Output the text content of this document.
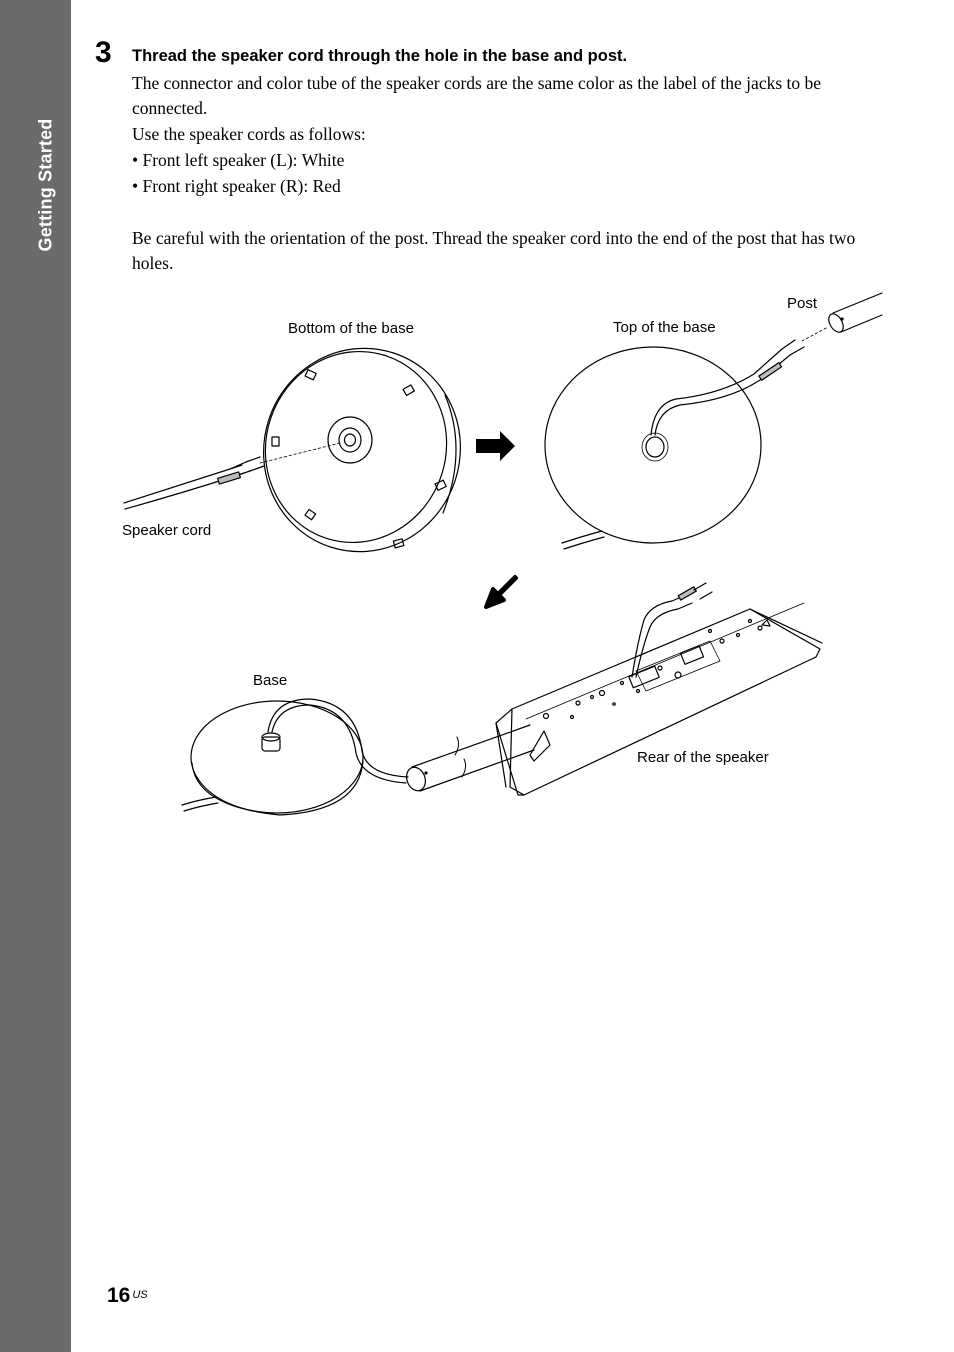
Getting Started
3 Thread the speaker cord through the hole in the base and post.
The connector and color tube of the speaker cords are the same color as the label of the jacks to be connected.
Use the speaker cords as follows:
• Front left speaker (L): White
• Front right speaker (R): Red
Be careful with the orientation of the post. Thread the speaker cord into the end of the post that has two holes.
Bottom of the base	Top of the base
Post
Speaker cord
Base
Rear of the speaker
16 $^{US}$
